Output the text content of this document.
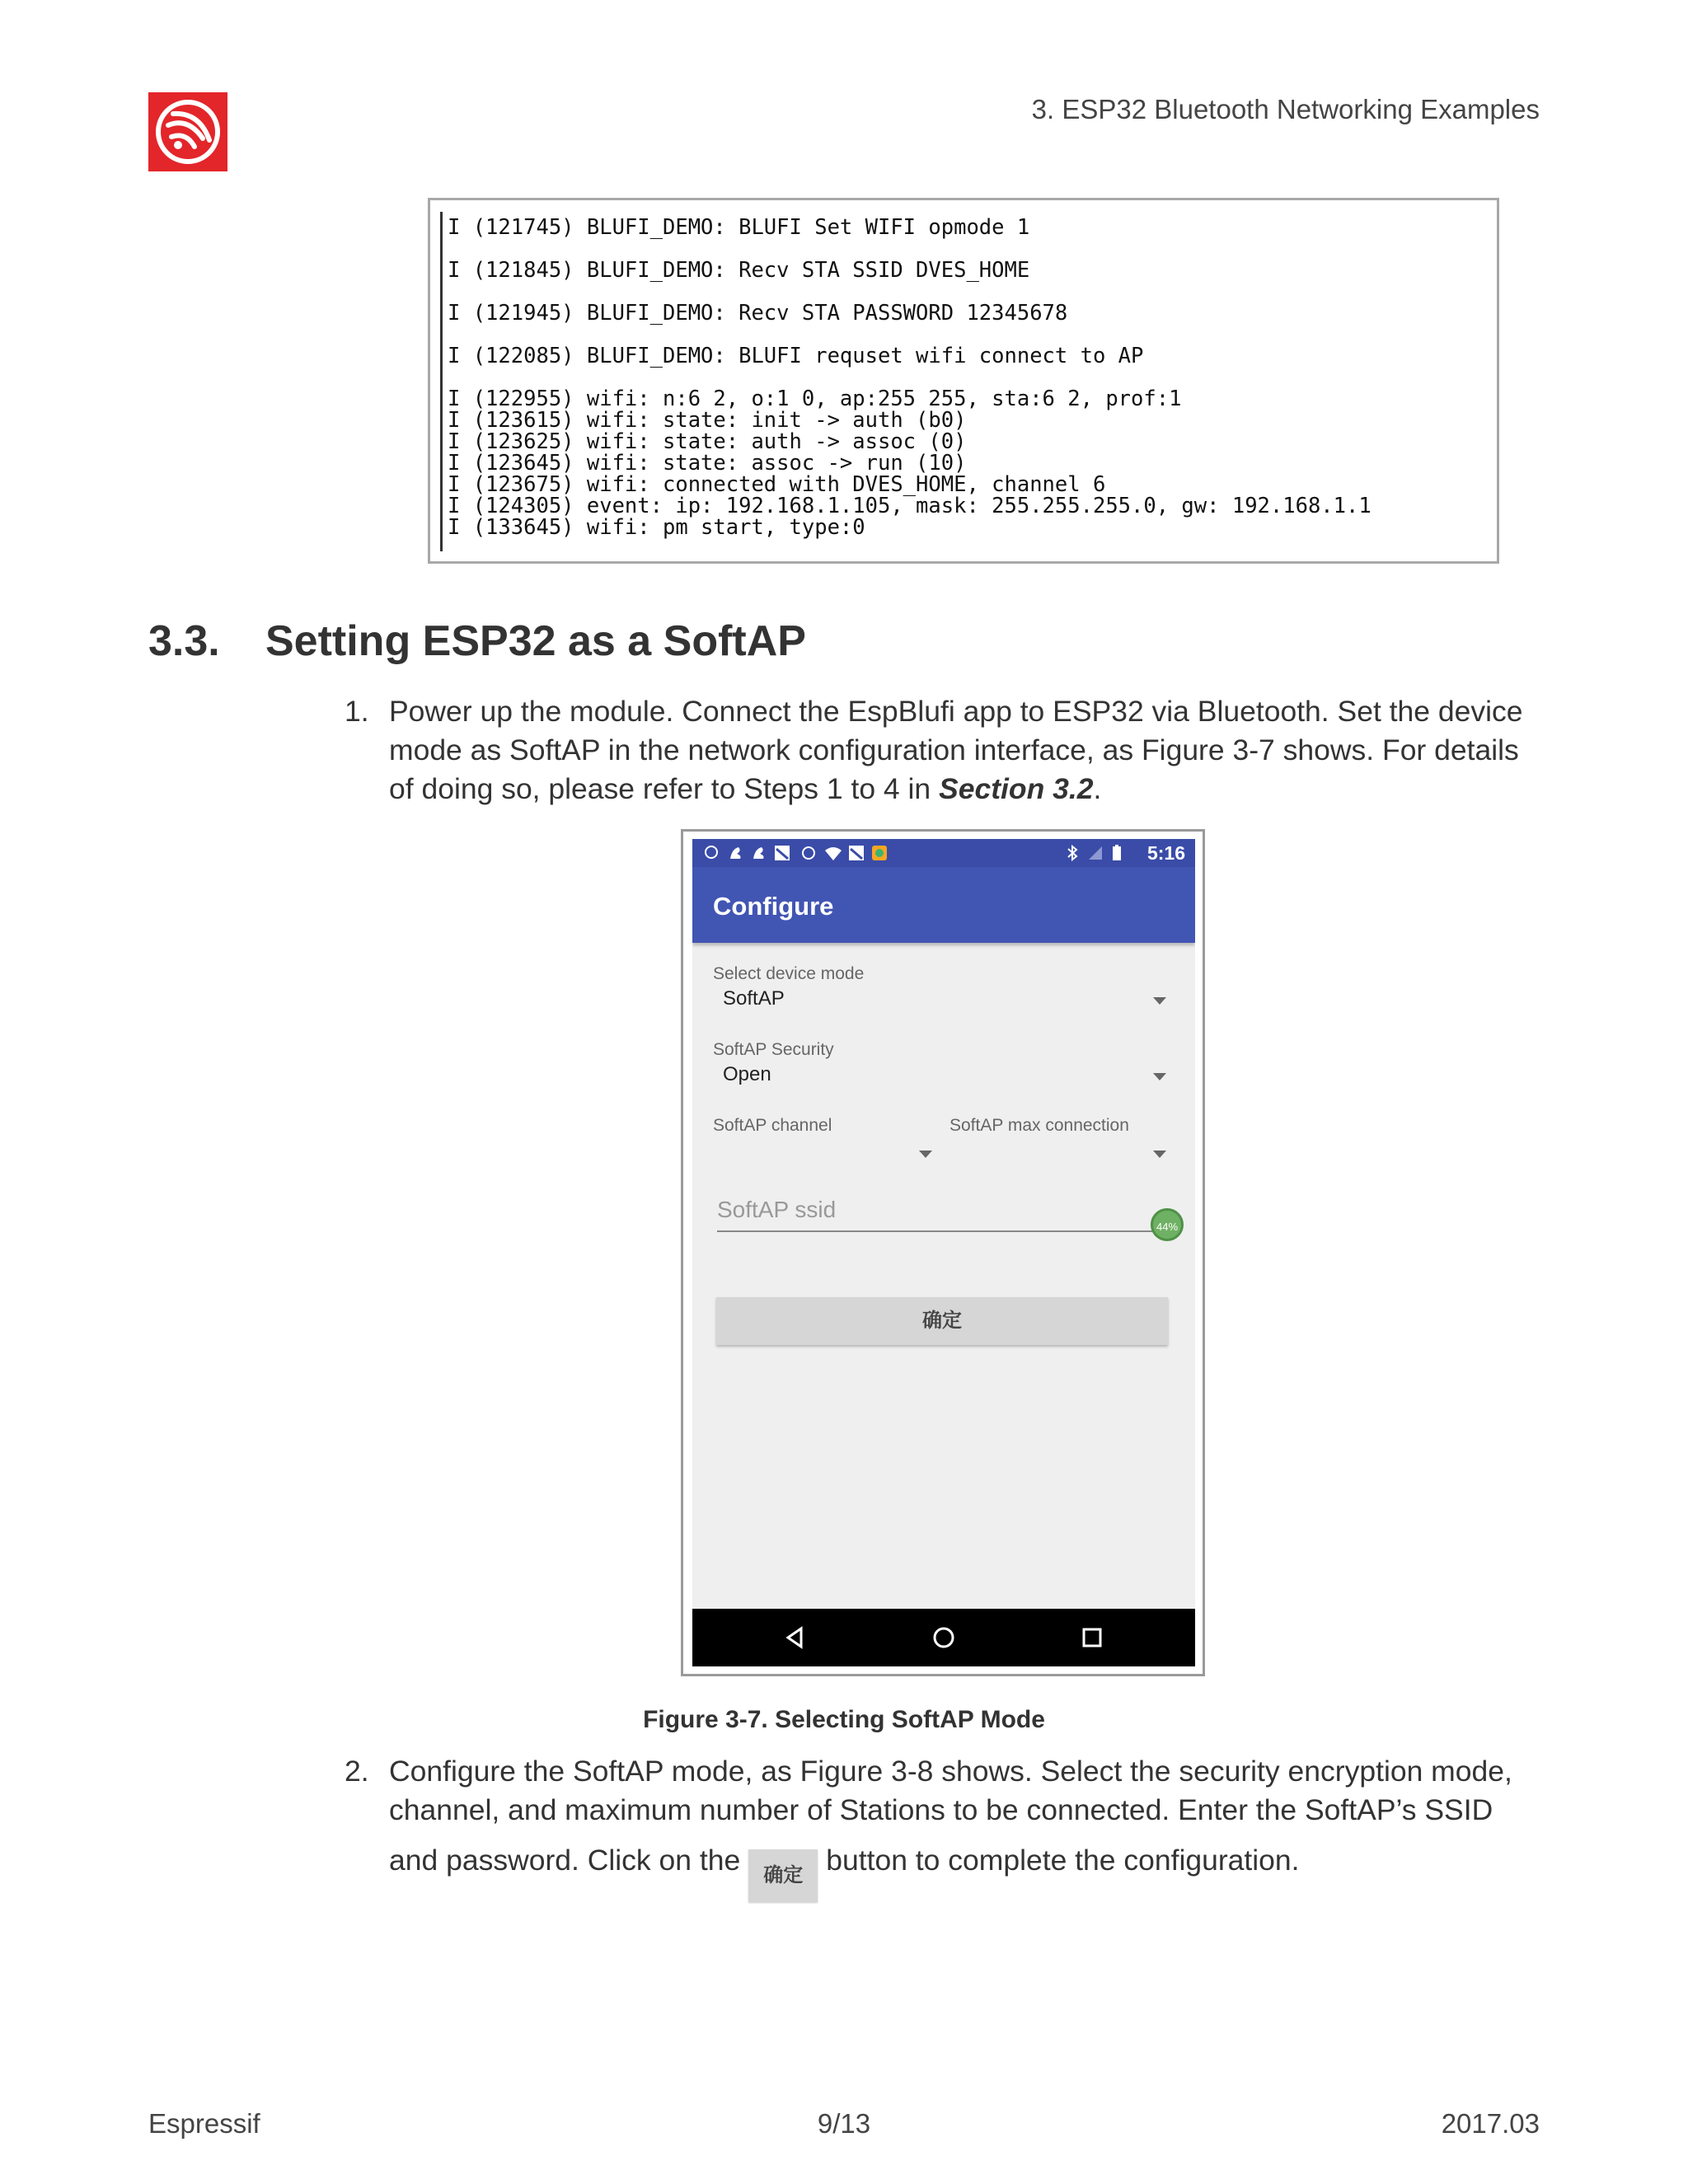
3. ESP32 Bluetooth Networking Examples
I (121745) BLUFI_DEMO: BLUFI Set WIFI opmode 1
I (121845) BLUFI_DEMO: Recv STA SSID DVES_HOME
I (121945) BLUFI_DEMO: Recv STA PASSWORD 12345678
I (122085) BLUFI_DEMO: BLUFI requset wifi connect to AP
I (122955) wifi: n:6 2, o:1 0, ap:255 255, sta:6 2, prof:1
I (123615) wifi: state: init -> auth (b0)
I (123625) wifi: state: auth -> assoc (0)
I (123645) wifi: state: assoc -> run (10)
I (123675) wifi: connected with DVES_HOME, channel 6
I (124305) event: ip: 192.168.1.105, mask: 255.255.255.0, gw: 192.168.1.1
I (133645) wifi: pm start, type:0
3.3. Setting ESP32 as a SoftAP
1. Power up the module. Connect the EspBlufi app to ESP32 via Bluetooth. Set the device
mode as SoftAP in the network configuration interface, as Figure 3-7 shows. For details
of doing so, please refer to Steps 1 to 4 in Section 3.2.
5:16
Configure
Select device mode
SoftAP
SoftAP Security
Open
SoftAP channel	SoftAP max connection
SoftAP ssid
44%
确定
Figure 3-7. Selecting SoftAP Mode
2. Configure the SoftAP mode, as Figure 3-8 shows. Select the security encryption mode,
channel, and maximum number of Stations to be connected. Enter the SoftAP’s SSID
and password. Click on the 确定 button to complete the configuration.
Espressif	9/13	2017.03
